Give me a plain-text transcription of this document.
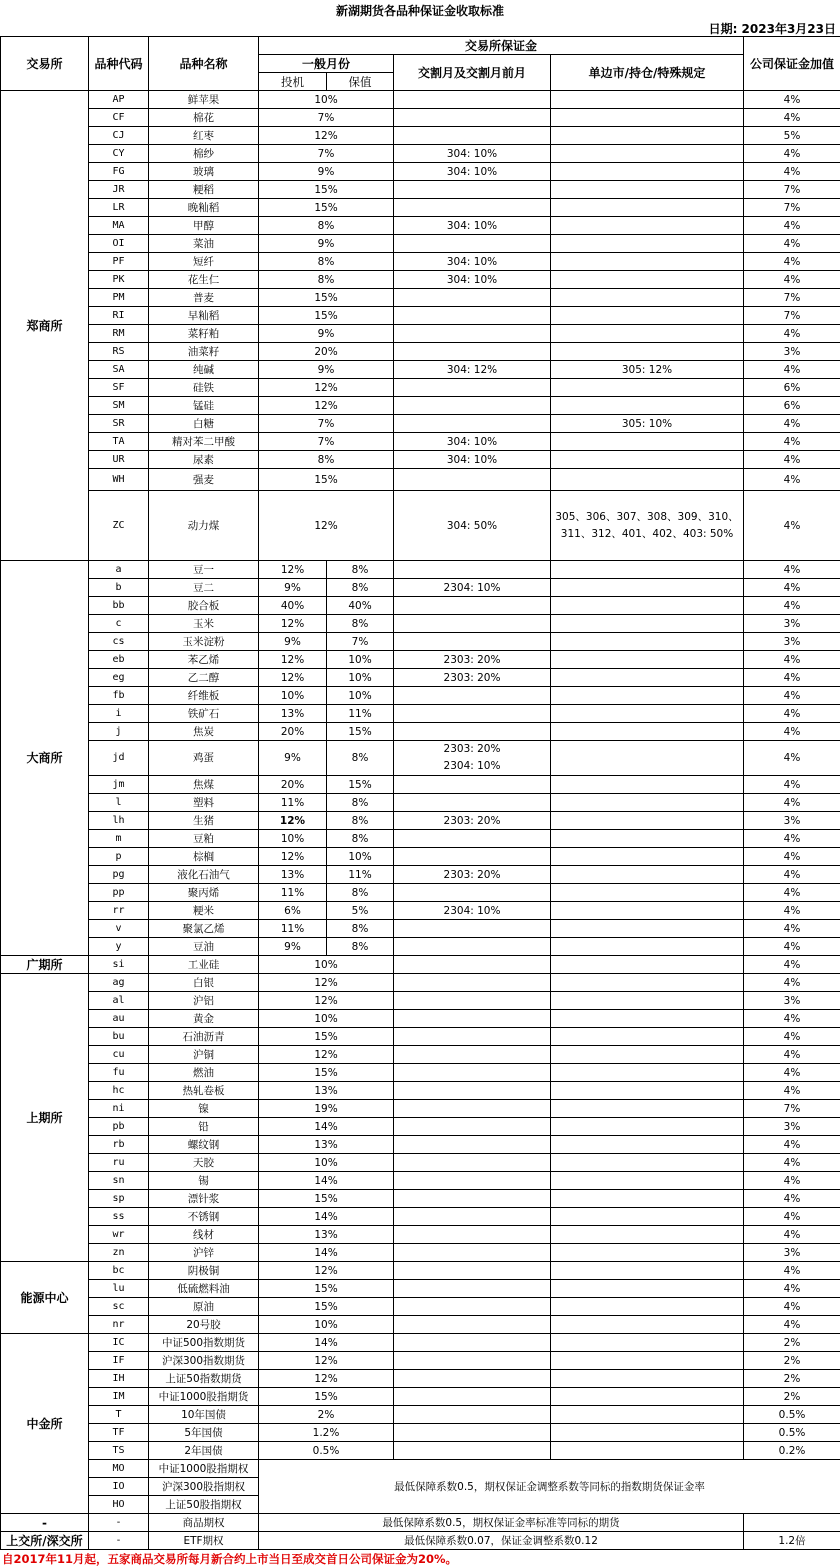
新湖期货各品种保证金收取标准
日期: 2023年3月23日
交易所	品种代码	品种名称	交易所保证金				公司保证金加值
			一般月份		交割月及交割月前月	单边市/持仓/特殊规定	
			投机	保值			
郑商所	AP	鲜苹果	10%				4%
	CF	棉花	7%				4%
	CJ	红枣	12%				5%
	CY	棉纱	7%		304: 10%		4%
	FG	玻璃	9%		304: 10%		4%
	JR	粳稻	15%				7%
	LR	晚籼稻	15%				7%
	MA	甲醇	8%		304: 10%		4%
	OI	菜油	9%				4%
	PF	短纤	8%		304: 10%		4%
	PK	花生仁	8%		304: 10%		4%
	PM	普麦	15%				7%
	RI	早籼稻	15%				7%
	RM	菜籽粕	9%				4%
	RS	油菜籽	20%				3%
	SA	纯碱	9%		304: 12%	305: 12%	4%
	SF	硅铁	12%				6%
	SM	锰硅	12%				6%
	SR	白糖	7%			305: 10%	4%
	TA	精对苯二甲酸	7%		304: 10%		4%
	UR	尿素	8%		304: 10%		4%
	WH	强麦	15%				4%
	ZC	动力煤	12%		304: 50%	305、306、307、308、309、310、311、312、401、402、403: 50%	4%
大商所	a	豆一	12%	8%			4%
	b	豆二	9%	8%	2304: 10%		4%
	bb	胶合板	40%	40%			4%
	c	玉米	12%	8%			3%
	cs	玉米淀粉	9%	7%			3%
	eb	苯乙烯	12%	10%	2303: 20%		4%
	eg	乙二醇	12%	10%	2303: 20%		4%
	fb	纤维板	10%	10%			4%
	i	铁矿石	13%	11%			4%
	j	焦炭	20%	15%			4%
	jd	鸡蛋	9%	8%	2303: 20%
2304: 10%		4%
	jm	焦煤	20%	15%			4%
	l	塑料	11%	8%			4%
	lh	生猪	12%	8%	2303: 20%		3%
	m	豆粕	10%	8%			4%
	p	棕榈	12%	10%			4%
	pg	液化石油气	13%	11%	2303: 20%		4%
	pp	聚丙烯	11%	8%			4%
	rr	粳米	6%	5%	2304: 10%		4%
	v	聚氯乙烯	11%	8%			4%
	y	豆油	9%	8%			4%
广期所	si	工业硅	10%				4%
上期所	ag	白银	12%				4%
	al	沪铝	12%				3%
	au	黄金	10%				4%
	bu	石油沥青	15%				4%
	cu	沪铜	12%				4%
	fu	燃油	15%				4%
	hc	热轧卷板	13%				4%
	ni	镍	19%				7%
	pb	铅	14%				3%
	rb	螺纹钢	13%				4%
	ru	天胶	10%				4%
	sn	锡	14%				4%
	sp	漂针浆	15%				4%
	ss	不锈钢	14%				4%
	wr	线材	13%				4%
	zn	沪锌	14%				3%
能源中心	bc	阴极铜	12%				4%
	lu	低硫燃料油	15%				4%
	sc	原油	15%				4%
	nr	20号胶	10%				4%
中金所	IC	中证500指数期货	14%				2%
	IF	沪深300指数期货	12%				2%
	IH	上证50指数期货	12%				2%
	IM	中证1000股指期货	15%				2%
	T	10年国债	2%				0.5%
	TF	5年国债	1.2%				0.5%
	TS	2年国债	0.5%				0.2%
	MO	中证1000股指期权	最低保障系数0.5，期权保证金调整系数等同标的指数期货保证金率				
	IO	沪深300股指期权					
	HO	上证50股指期权					
-	-	商品期权	最低保障系数0.5，期权保证金率标准等同标的期货				
上交所/深交所	-	ETF期权	最低保障系数0.07，保证金调整系数0.12				1.2倍
自2017年11月起，五家商品交易所每月新合约上市当日至成交首日公司保证金为20%。
